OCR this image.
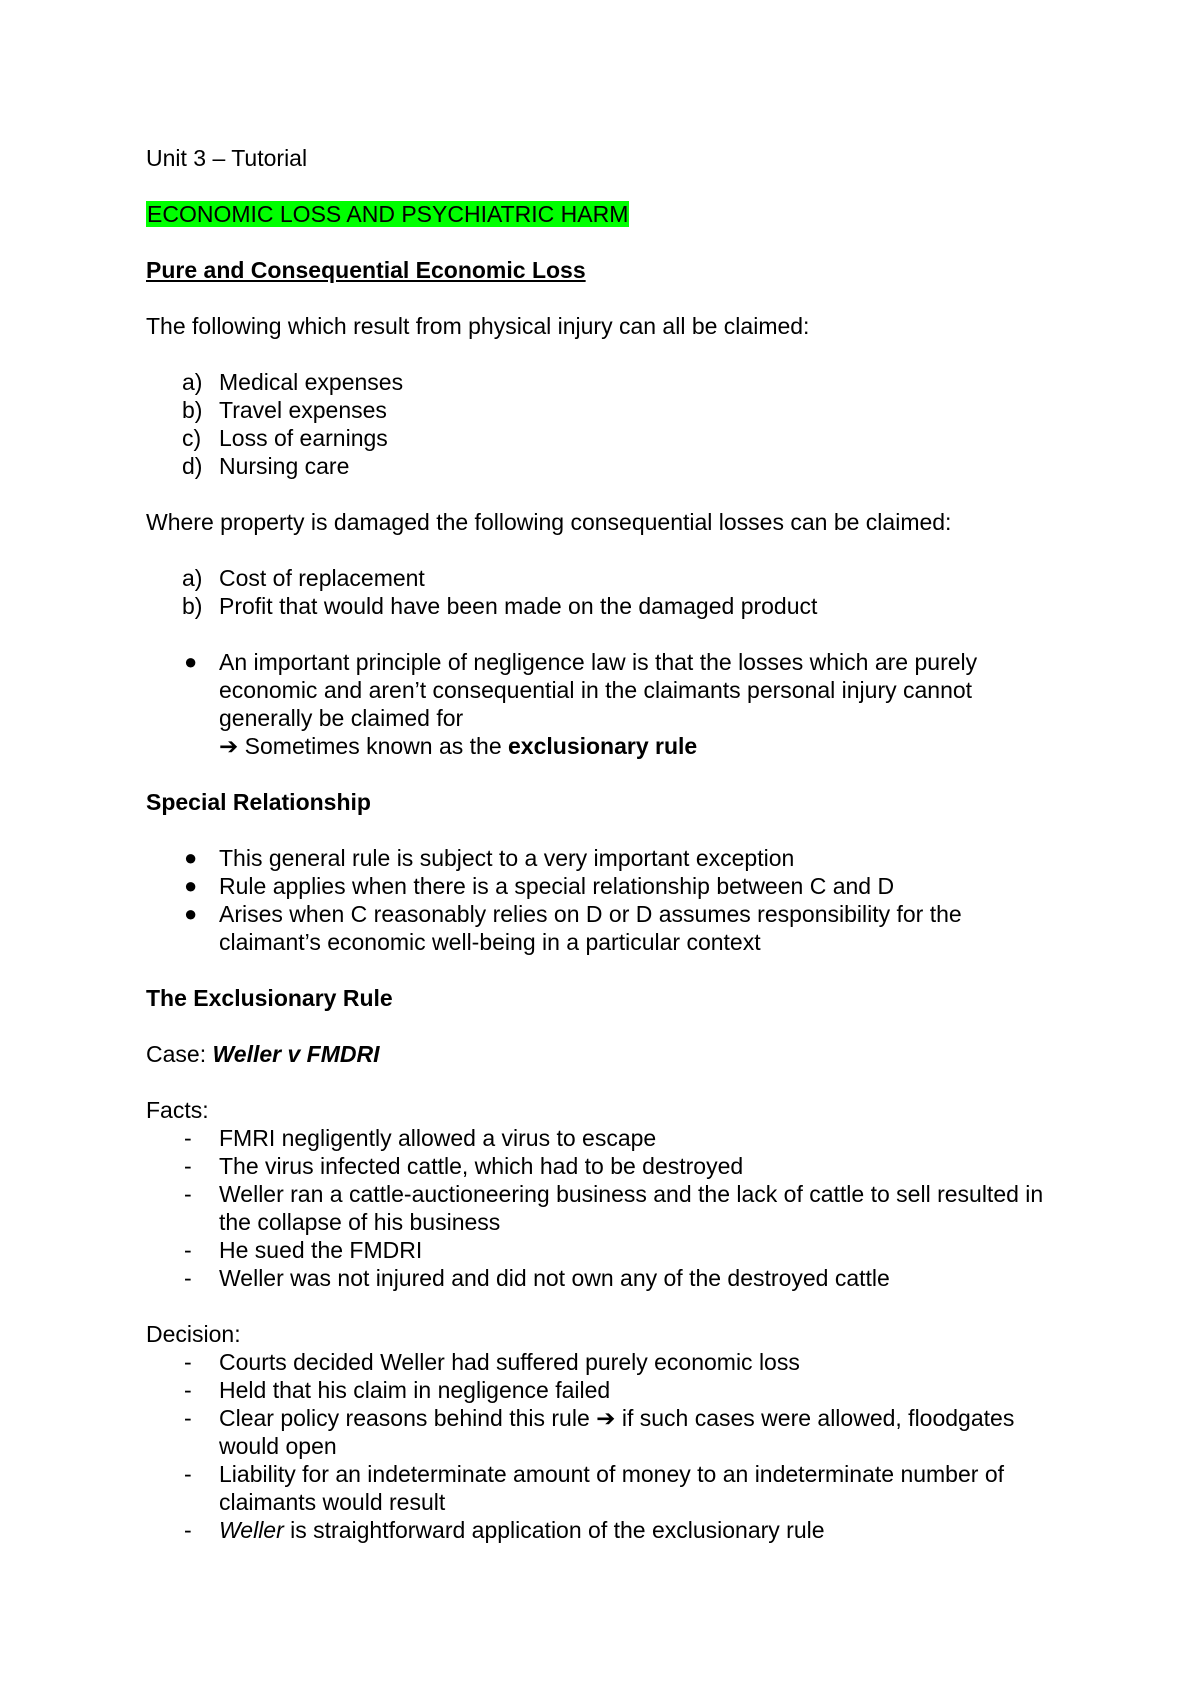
Unit 3 – Tutorial

ECONOMIC LOSS AND PSYCHIATRIC HARM

Pure and Consequential Economic Loss

The following which result from physical injury can all be claimed:

a) Medical expenses
b) Travel expenses
c) Loss of earnings
d) Nursing care

Where property is damaged the following consequential losses can be claimed:

a) Cost of replacement
b) Profit that would have been made on the damaged product
● An important principle of negligence law is that the losses which are purely economic and aren’t consequential in the claimants personal injury cannot generally be claimed for

➔ Sometimes known as the exclusionary rule

Special Relationship

● This general rule is subject to a very important exception
● Rule applies when there is a special relationship between C and D
● Arises when C reasonably relies on D or D assumes responsibility for the claimant’s economic well-being in a particular context

The Exclusionary Rule

Case: Weller v FMDRI

Facts:

- FMRI negligently allowed a virus to escape
- The virus infected cattle, which had to be destroyed
- Weller ran a cattle-auctioneering business and the lack of cattle to sell resulted in the collapse of his business
- He sued the FMDRI
- Weller was not injured and did not own any of the destroyed cattle

Decision:

- Courts decided Weller had suffered purely economic loss
- Held that his claim in negligence failed
- Clear policy reasons behind this rule ➔ if such cases were allowed, floodgates would open
- Liability for an indeterminate amount of money to an indeterminate number of claimants would result
- Weller is straightforward application of the exclusionary rule
